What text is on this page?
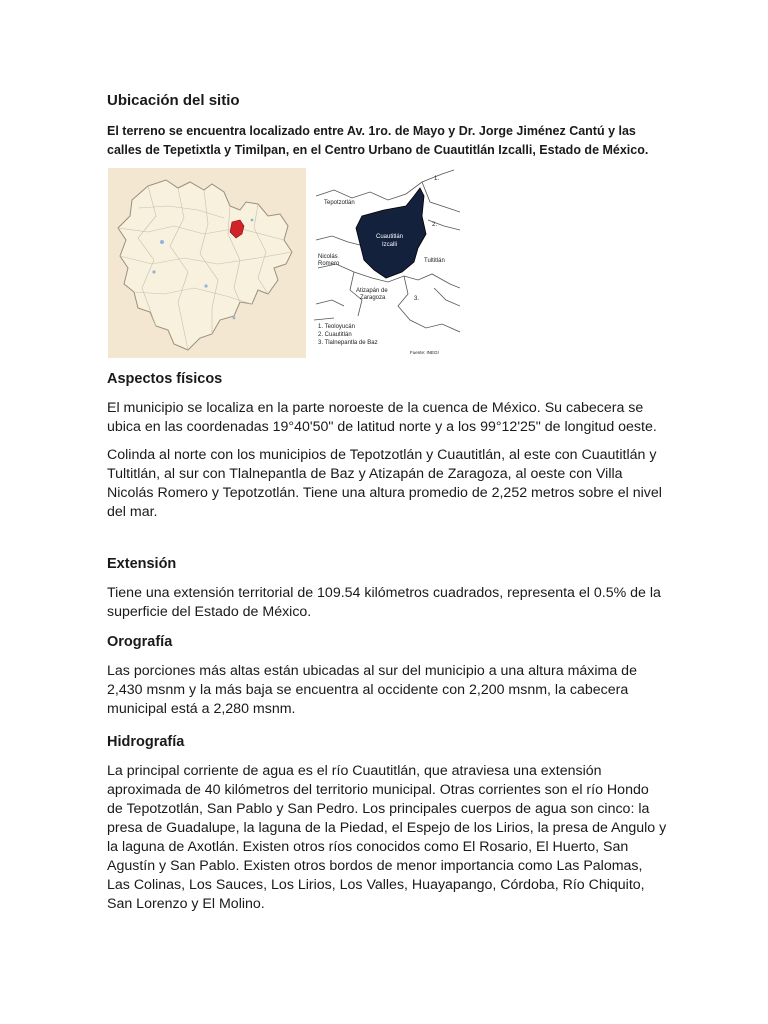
Ubicación del sitio

El terreno se encuentra localizado entre Av. 1ro. de Mayo y Dr. Jorge Jiménez Cantú y las calles de Tepetixtla y Timilpan, en el Centro Urbano de Cuautitlán Izcalli, Estado de México.

Tepotzotlán
Cuautitlán
Izcalli
Nicolás
Romero	Tultitlán
Atizapán de
Zaragoza
1.
2.
3.
1. Teoloyucán
2. Cuautitlán
3. Tlalnepantla de Baz
Fuente: INEGI
Aspectos físicos

El municipio se localiza en la parte noroeste de la cuenca de México. Su cabecera se ubica en las coordenadas 19°40'50" de latitud norte y a los 99°12'25" de longitud oeste.

Colinda al norte con los municipios de Tepotzotlán y Cuautitlán, al este con Cuautitlán y Tultitlán, al sur con Tlalnepantla de Baz y Atizapán de Zaragoza, al oeste con Villa Nicolás Romero y Tepotzotlán. Tiene una altura promedio de 2,252 metros sobre el nivel del mar.

Extensión

Tiene una extensión territorial de 109.54 kilómetros cuadrados, representa el 0.5% de la superficie del Estado de México.

Orografía

Las porciones más altas están ubicadas al sur del municipio a una altura máxima de 2,430 msnm y la más baja se encuentra al occidente con 2,200 msnm, la cabecera municipal está a 2,280 msnm.

Hidrografía

La principal corriente de agua es el río Cuautitlán, que atraviesa una extensión aproximada de 40 kilómetros del territorio municipal. Otras corrientes son el río Hondo de Tepotzotlán, San Pablo y San Pedro. Los principales cuerpos de agua son cinco: la presa de Guadalupe, la laguna de la Piedad, el Espejo de los Lirios, la presa de Angulo y la laguna de Axotlán. Existen otros ríos conocidos como El Rosario, El Huerto, San Agustín y San Pablo. Existen otros bordos de menor importancia como Las Palomas, Las Colinas, Los Sauces, Los Lirios, Los Valles, Huayapango, Córdoba, Río Chiquito, San Lorenzo y El Molino.
